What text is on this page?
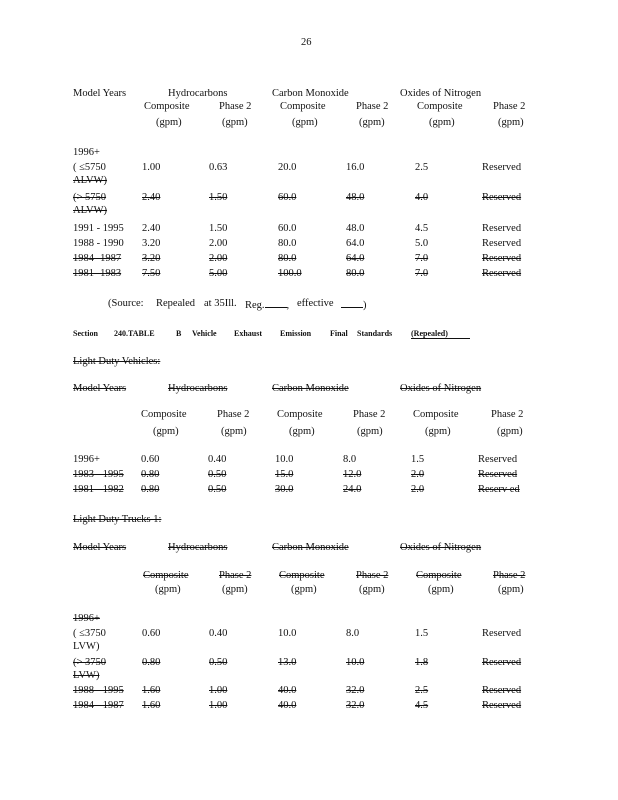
26
Model Years	Hydrocarbons	Carbon Monoxide	Oxides of Nitrogen
Composite	Phase 2	Composite	Phase 2	Composite	Phase 2
(gpm)	(gpm)	(gpm)	(gpm)	(gpm)	(gpm)
1996+
( ≤5750
ALVW)
1.00	0.63	20.0	16.0	2.5	Reserved
(> 5750
ALVW)
2.40	1.50	60.0	48.0	4.0	Reserved
1991 - 1995 2.40	1.50	60.0	48.0	4.5	Reserved
1988 - 1990 3.20	2.00	80.0	64.0	5.0	Reserved
1984 -1987 3.20	2.00	80.0	64.0	7.0	Reserved
1981 -1983 7.50	5.00	100.0	80.0	7.0	Reserved
(Source: Repealed at 35Ill. Reg. , effective	)
Section 240.TABLE	B Vehicle Exhaust Emission Final Standards (Repealed)
Light Duty Vehicles:
Model Years	Hydrocarbons	Carbon Monoxide	Oxides of Nitrogen
Composite	Phase 2	Composite	Phase 2	Composite	Phase 2
(gpm)	(gpm)	(gpm)	(gpm)	(gpm)	(gpm)
1996+	0.60	0.40	10.0	8.0	1.5	Reserved
1983 - 1995 0.80	0.50	15.0	12.0	2.0	Reserved
1981 - 1982 0.80	0.50	30.0	24.0	2.0	Reserv ed
Light Duty Trucks 1:
Model Years	Hydrocarbons	Carbon Monoxide	Oxides of Nitrogen
Composite	Phase 2	Composite	Phase 2	Composite	Phase 2
(gpm)	(gpm)	(gpm)	(gpm)	(gpm)	(gpm)
1996+
( ≤3750
LVW)
0.60	0.40	10.0	8.0	1.5	Reserved
(> 3750
LVW)
0.80	0.50	13.0	10.0	1.8	Reserved
1988 - 1995 1.60	1.00	40.0	32.0	2.5	Reserved
1984 - 1987 1.60	1.00	40.0	32.0	4.5	Reserved
